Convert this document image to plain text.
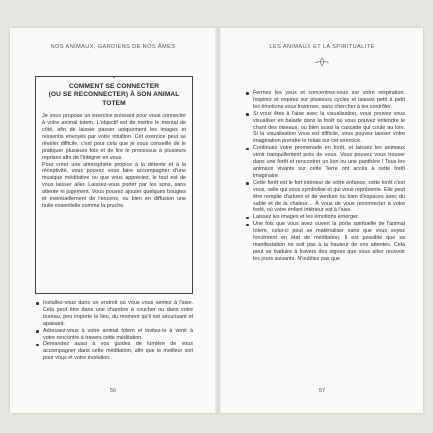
NOS ANIMAUX, GARDIENS DE NOS ÂMES
COMMENT SE CONNECTER
(OU SE RECONNECTER) À SON ANIMAL TOTEM

Je vous propose un exercice puissant pour vous connecter à votre animal totem. L'objectif est de mettre le mental de côté, afin de laisser passer uniquement les images et ressentis envoyés par votre intuition. Cet exercice peut se révéler difficile, c'est pour cela que je vous conseille de le pratiquer plusieurs fois et de lire le processus à plusieurs reprises afin de l'intégrer en vous.

Pour créer une atmosphère propice à la détente et à la réceptivité, vous pouvez vous faire accompagner d'une musique méditative ou que vous appréciez, le tout est de vous laisser aller. Laissez-vous porter par les sons, sans attente ni jugement. Vous pouvez ajouter quelques bougies et éventuellement de l'encens, ou bien en diffusion une huile essentielle comme la pruche.

Installez-vous dans un endroit où vous vous sentez à l'aise. Cela peut être dans une chambre à coucher ou dans votre bureau, peu importe le lieu, du moment qu'il est sécurisant et apaisant.
Adressez-vous à votre animal totem et invitez-le à venir à votre rencontre à travers cette méditation.
Demandez aussi à vos guides de lumière de vous accompagner dans cette méditation, afin que le meilleur soit pour vous et votre évolution.
56
LES ANIMAUX ET LA SPIRITUALITÉ
Fermez les yeux et concentrez-vous sur votre respiration. Inspirez et expirez sur plusieurs cycles et laissez petit à petit les émotions vous traverser, sans chercher à les contrôler.
Si vous êtes à l'aise avec la visualisation, vous pouvez vous visualiser en balade dans la forêt où vous pouvez entendre le chant des oiseaux, ou bien aussi la cascade qui coule au loin. Si la visualisation vous est difficile, vous pouvez laisser votre imagination prendre le relais sur cet exercice.
Continuez votre promenade en forêt, et laissez les animaux venir tranquillement près de vous. Vous pouvez vous trouver dans une forêt et rencontrer un lion ou une panthère ! Tous les animaux vivants sur cette Terre ont accès à cette forêt imaginaire.
Cette forêt est le fort intérieur de votre enfance, cette forêt c'est vous, celle qui vous symbolise et qui vous représente. Elle peut être remplie d'arbres et de verdure ou bien d'espaces avec du sable et de la chaleur… À vous de vous reconnecter à votre forêt, où votre enfant intérieur est à l'aise.
Laissez les images et les émotions émerger.
Une fois que vous avez ouvert la porte spirituelle de l'animal totem, celui-ci peut se matérialiser sans que vous soyez forcément en état de méditation. Il est possible que sa manifestation ne soit pas à la hauteur de vos attentes. Cela peut se traduire à travers des signes que vous allez recevoir les jours suivants. N'oubliez pas que
57
